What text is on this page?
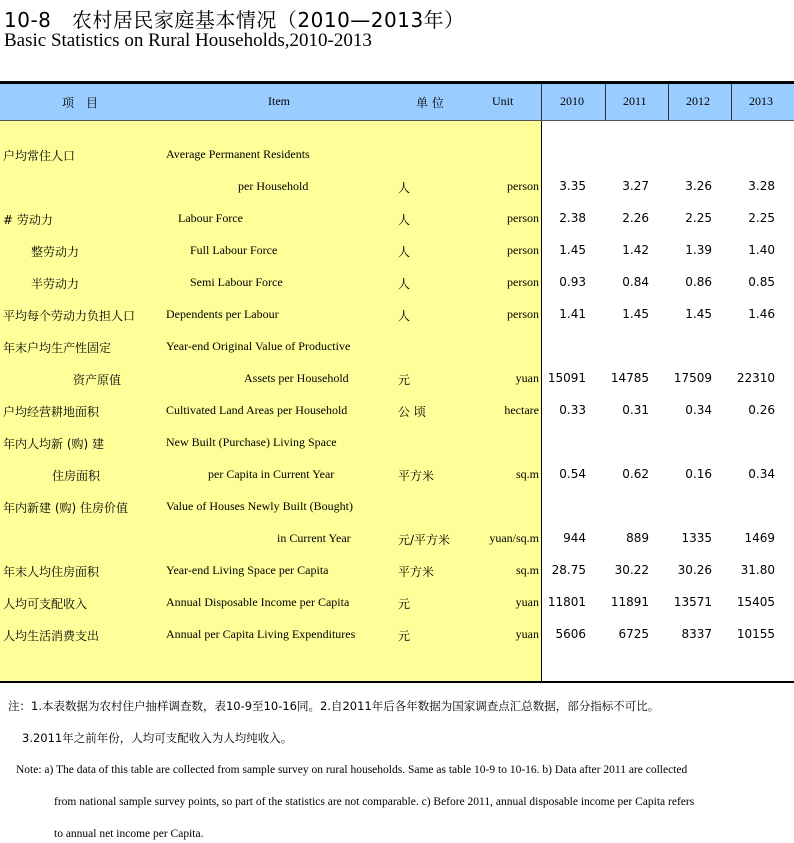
10-8　农村居民家庭基本情况（2010—2013年）
Basic Statistics on Rural Households,2010-2013
项　目	Item	单 位	Unit	2010	2011	2012	2013
户均常住人口	Average Permanent Residents
per Household	人	person	3.35	3.27	3.26	3.28
# 劳动力	Labour Force	人	person	2.38	2.26	2.25	2.25
整劳动力	Full Labour Force	人	person	1.45	1.42	1.39	1.40
半劳动力	Semi Labour Force	人	person	0.93	0.84	0.86	0.85
平均每个劳动力负担人口	Dependents per Labour	人	person	1.41	1.45	1.45	1.46
年末户均生产性固定	Year-end Original Value of Productive
资产原值	Assets per Household	元	yuan 15091	14785	17509	22310
户均经营耕地面积	Cultivated Land Areas per Household	公 顷	hectare	0.33	0.31	0.34	0.26
年内人均新 (购) 建	New Built (Purchase) Living Space
住房面积	per Capita in Current Year	平方米	sq.m	0.54	0.62	0.16	0.34
年内新建 (购) 住房价值	Value of Houses Newly Built (Bought)
in Current Year	元/平方米	yuan/sq.m	944	889	1335	1469
年末人均住房面积	Year-end Living Space per Capita	平方米	sq.m	28.75	30.22	30.26	31.80
人均可支配收入	Annual Disposable Income per Capita	元	yuan 11801	11891	13571	15405
人均生活消费支出	Annual per Capita Living Expenditures	元	yuan	5606	6725	8337	10155
注：1.本表数据为农村住户抽样调查数，表10-9至10-16同。2.自2011年后各年数据为国家调查点汇总数据，部分指标不可比。
3.2011年之前年份，人均可支配收入为人均纯收入。
Note: a) The data of this table are collected from sample survey on rural households. Same as table 10-9 to 10-16. b) Data after 2011 are collected
from national sample survey points, so part of the statistics are not comparable. c) Before 2011, annual disposable income per Capita refers
to annual net income per Capita.
